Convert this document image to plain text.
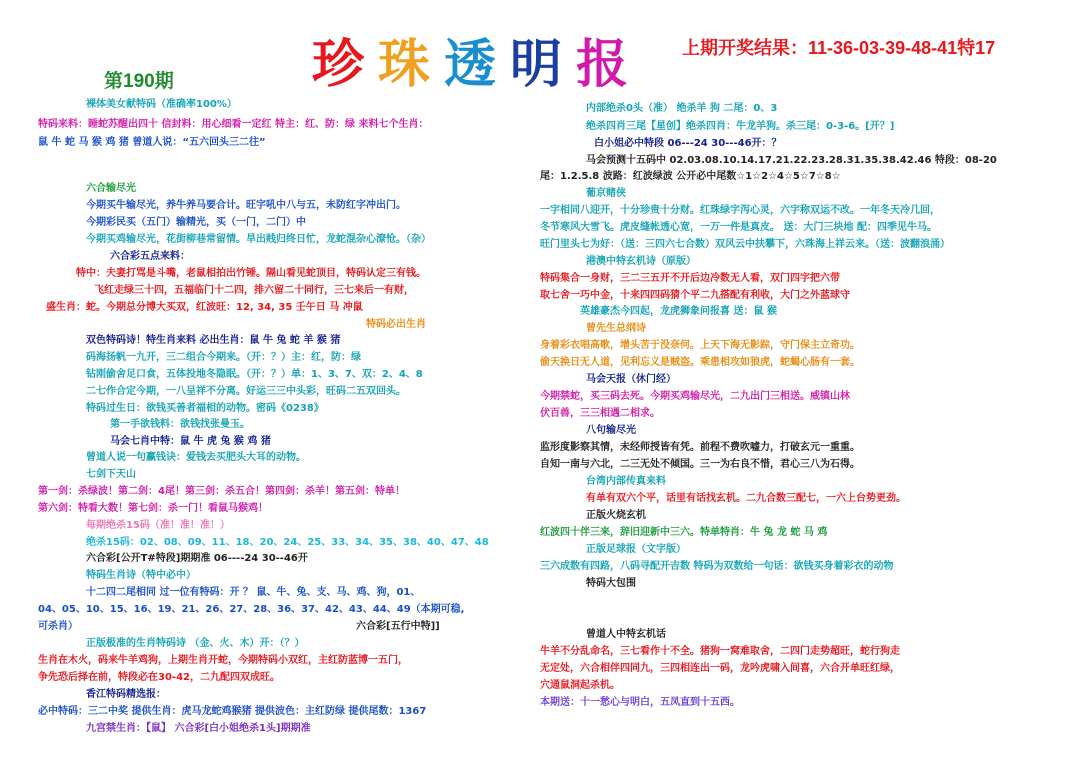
珍珠透明报 上期开奖结果：11-36-03-39-48-41特17
第190期
裸体美女献特码（准确率100%）
特码来料：睡蛇苏醒出四十 信封料：用心细看一定红 特主：红、防：绿 来料七个生肖：
鼠 牛 蛇 马 猴 鸡 猪 曾道人说：“五六回头三二往”
六合输尽光
今期买牛输尽光，养牛养马要合计。旺字吼中八与五，未防红字冲出门。
今期彩民买（五门）输精光，买（一门，二门）中
今期买鸡输尽光，花街柳巷常留情。旱出贱归终日忙，龙蛇混杂心潦怆。（杂）
六合彩五点来料：
特中：夫妻打骂是斗嘴，老鼠相拍出竹锤。隔山看见蛇顶目，特码认定三有钱。
飞红走绿三十四，五福临门十二四，排六留二十同行，三七来后一有财，
盛生肖：蛇。今期总分博大买双，红波旺：12, 34, 35 壬午日 马 冲鼠
特码必出生肖
双色特码诗！特生肖来料 必出生肖：鼠 牛 兔 蛇 羊 猴 猪
码海扬帆一九开，三二组合今期来。（开：？）主：红，防：绿
钻刚偷舍足口食，五体投地冬隐眠。（开：？）单：1、3、7、双：2、4、8
二七作合定今期，一八呈祥不分离。好运三三中头彩，旺码二五双回头。
特码过生日：欲钱买善者福相的动物。密码《0238》
第一手欲钱料：欲钱找张曼玉。
马会七肖中特：鼠 牛 虎 兔 猴 鸡 猪
曾道人说一句赢钱诀：爱钱去买肥头大耳的动物。
七剑下天山
第一剑：杀绿波！第二剑：4尾！第三剑：杀五合！第四剑：杀羊！第五剑：特单！
第六剑：特看大数！第七剑：杀一门！看鼠马猴鸡！
每期绝杀15码（准！准！准！）
绝杀15码：02、08、09、11、18、20、24、25、33、34、35、38、40、47、48
六合彩[公开T#特段]期期准 06----24 30--46开
特码生肖诗（特中必中）
十二四二尾相同 过一位有特码：开 ？ 鼠、牛、兔、支、马、鸡、狗，01、
04、05、10、15、16、19、21、26、27、28、36、37、42、43、44、49（本期可稳,
可杀肖）	六合彩[五行中特]]
正版极准的生肖特码诗 （金、火、木）开：（？）
生肖在木火，码来牛羊鸡狗，上期生肖开蛇，今期特码小双红，主红防蓝博一五门，
争先恐后择在前，特段必在30-42，二九配四双成旺。
香江特码精选报：
必中特码：三二中奖 提供生肖：虎马龙蛇鸡猴猪 提供波色：主红防绿 提供尾数：1367
九宫禁生肖：【鼠】 六合彩[白小姐绝杀1头]期期准
内部绝杀0头（准） 绝杀羊 狗 二尾：0、3
绝杀四肖三尾【星创】绝杀四肖：牛龙羊狗。杀三尾：0-3-6。[开？]
白小姐必中特段 06---24 30---46开：？
马会预测十五码中 02.03.08.10.14.17.21.22.23.28.31.35.38.42.46 特段：08-20
尾：1.2.5.8 波路：红波绿波 公开必中尾数☆1☆2☆4☆5☆7☆8☆
葡京赌侠
一字相同八迎开，十分珍贵十分财。红珠绿字泻心灵，六字称双运不改。一年冬天冷几回，
冬节寒风大雪飞。虎皮缝帐透心宽，一万一件是真皮。 送：大门三块地 配：四季见牛马。
旺门里头七为好：（送：三四六七合数）双风云中扶攀下，六珠海上祥云来。（送：波翻浪涌）
港澳中特玄机诗（原版）
特码集合一身财，三二三五开不开后边冷数无人看，双门四字把六带
取七舍一巧中金，十来四四码猜个平二九搭配有利收，大门之外蓝球守
英雄豪杰今四起，龙虎狮象问报喜 送：鼠 猴
曾先生总纲诗
身着彩衣唱高歌，增头苦于没奈何。上天下海无影踪，守门保主立奇功。
偷天换日无人道，见利忘义是贼盗。乘患相攻如狼虎，蛇蝎心肠有一套。
马会天报（休门经）
今期禁蛇，买三码去死。今期买鸡输尽光，二九出门三相送。威镇山林
伏百兽，三三相遇二相求。
八句输尽光
监形度影察其情，未经师授皆有凭。前程不费吹嘘力，打破玄元一重重。
自知一南与六北，二三无处不倾国。三一为右良不惜，君心三八为石得。
台湾内部传真来料
有单有双六个平，话里有话找玄机。二九合数三配七，一六上台势更劲。
正版火烧玄机
红波四十伴三来，辞旧迎新中三六。特单特肖：牛 兔 龙 蛇 马 鸡
正版足球报（文字版）
三六成数有四路，八码寻配开吉数 特码为双数给一句话：欲钱买身着彩衣的动物
特码大包围
曾道人中特玄机话
牛羊不分乱命名，三七看作十不全。猪狗一窝难取舍，二四门走势超旺，蛇行狗走
无定处，六合相伴四同九，三四相连出一码，龙吟虎啸入间喜，六合开单旺红绿，
穴通鼠洞起杀机。
本期送：十一愁心与明白，五凤直到十五西。
